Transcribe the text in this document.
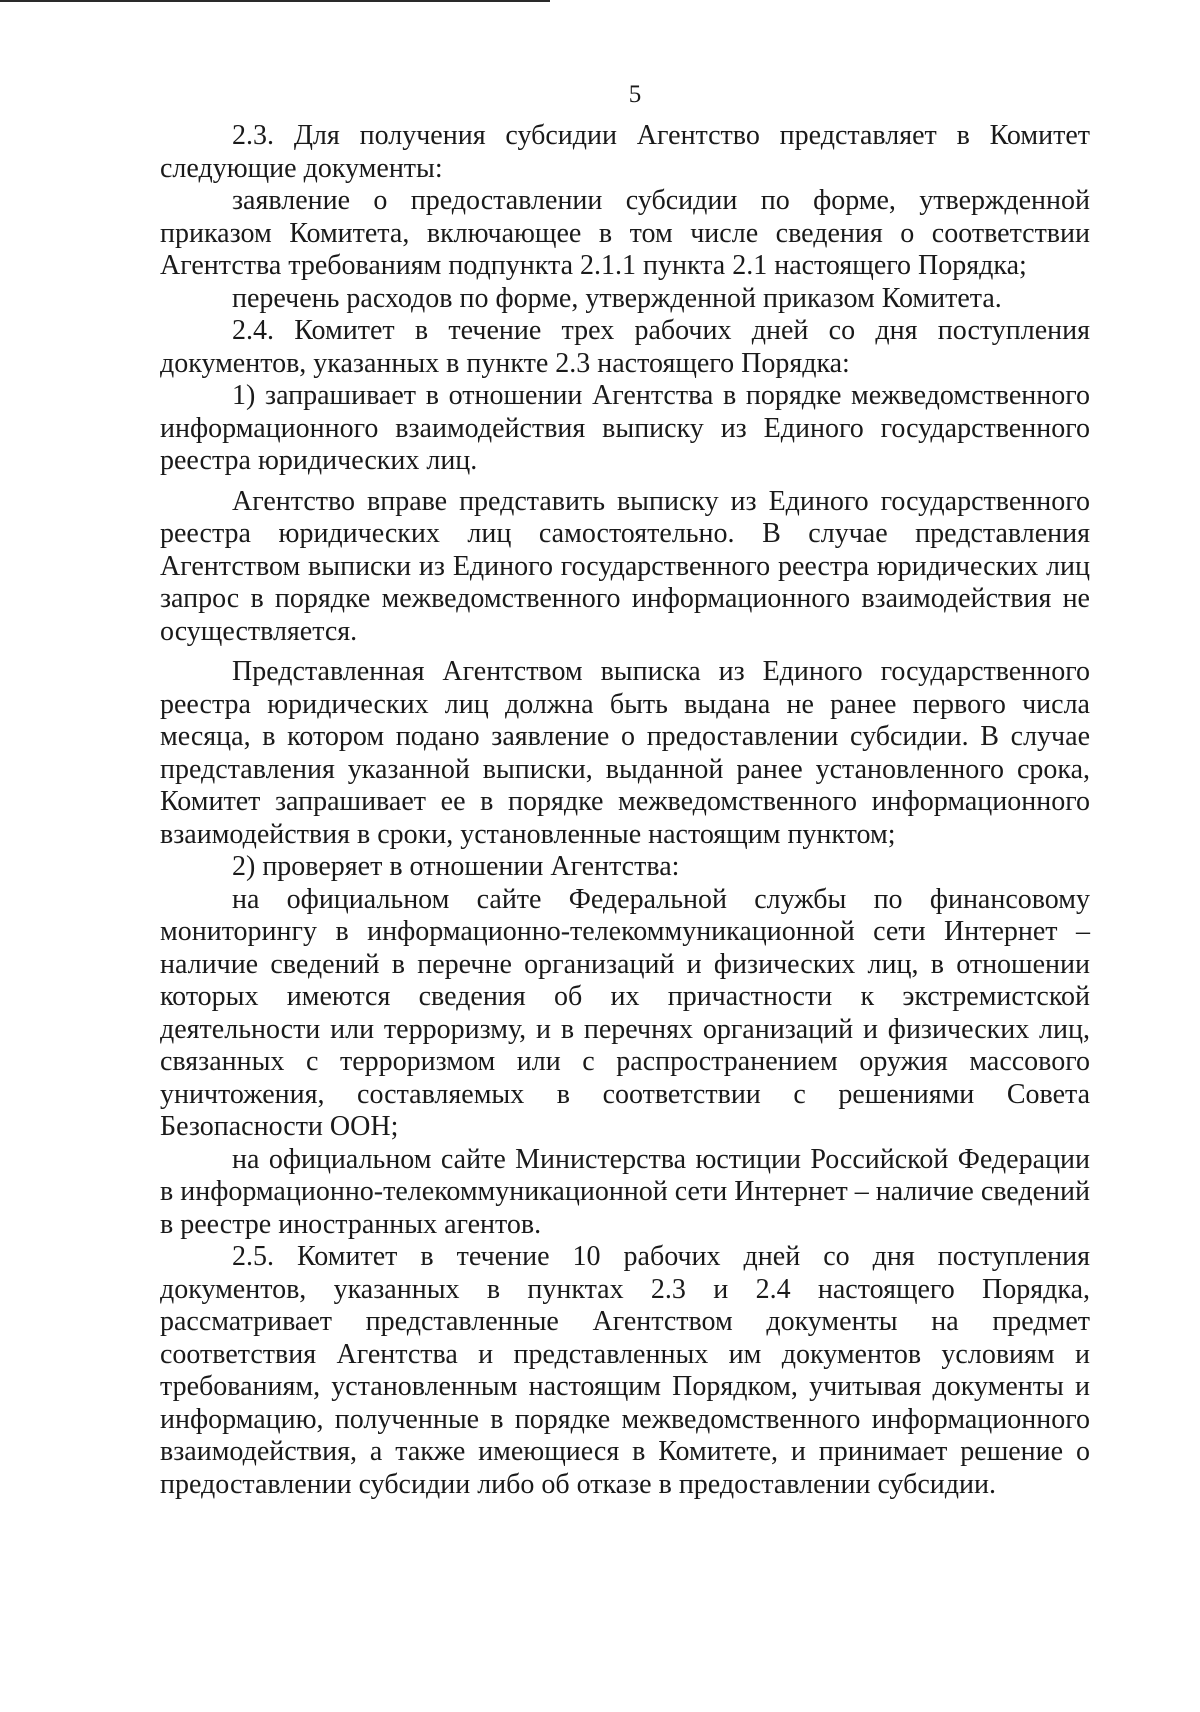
5

2.3. Для получения субсидии Агентство представляет в Комитет следующие документы:

заявление о предоставлении субсидии по форме, утвержденной приказом Комитета, включающее в том числе сведения о соответствии Агентства требованиям подпункта 2.1.1 пункта 2.1 настоящего Порядка;

перечень расходов по форме, утвержденной приказом Комитета.

2.4. Комитет в течение трех рабочих дней со дня поступления документов, указанных в пункте 2.3 настоящего Порядка:

1) запрашивает в отношении Агентства в порядке межведомственного информационного взаимодействия выписку из Единого государственного реестра юридических лиц.

Агентство вправе представить выписку из Единого государственного реестра юридических лиц самостоятельно. В случае представления Агентством выписки из Единого государственного реестра юридических лиц запрос в порядке межведомственного информационного взаимодействия не осуществляется.

Представленная Агентством выписка из Единого государственного реестра юридических лиц должна быть выдана не ранее первого числа месяца, в котором подано заявление о предоставлении субсидии. В случае представления указанной выписки, выданной ранее установленного срока, Комитет запрашивает ее в порядке межведомственного информационного взаимодействия в сроки, установленные настоящим пунктом;

2) проверяет в отношении Агентства:

на официальном сайте Федеральной службы по финансовому мониторингу в информационно-телекоммуникационной сети Интернет – наличие сведений в перечне организаций и физических лиц, в отношении которых имеются сведения об их причастности к экстремистской деятельности или терроризму, и в перечнях организаций и физических лиц, связанных с терроризмом или с распространением оружия массового уничтожения, составляемых в соответствии с решениями Совета Безопасности ООН;

на официальном сайте Министерства юстиции Российской Федерации в информационно-телекоммуникационной сети Интернет – наличие сведений в реестре иностранных агентов.

2.5. Комитет в течение 10 рабочих дней со дня поступления документов, указанных в пунктах 2.3 и 2.4 настоящего Порядка, рассматривает представленные Агентством документы на предмет соответствия Агентства и представленных им документов условиям и требованиям, установленным настоящим Порядком, учитывая документы и информацию, полученные в порядке межведомственного информационного взаимодействия, а также имеющиеся в Комитете, и принимает решение о предоставлении субсидии либо об отказе в предоставлении субсидии.
